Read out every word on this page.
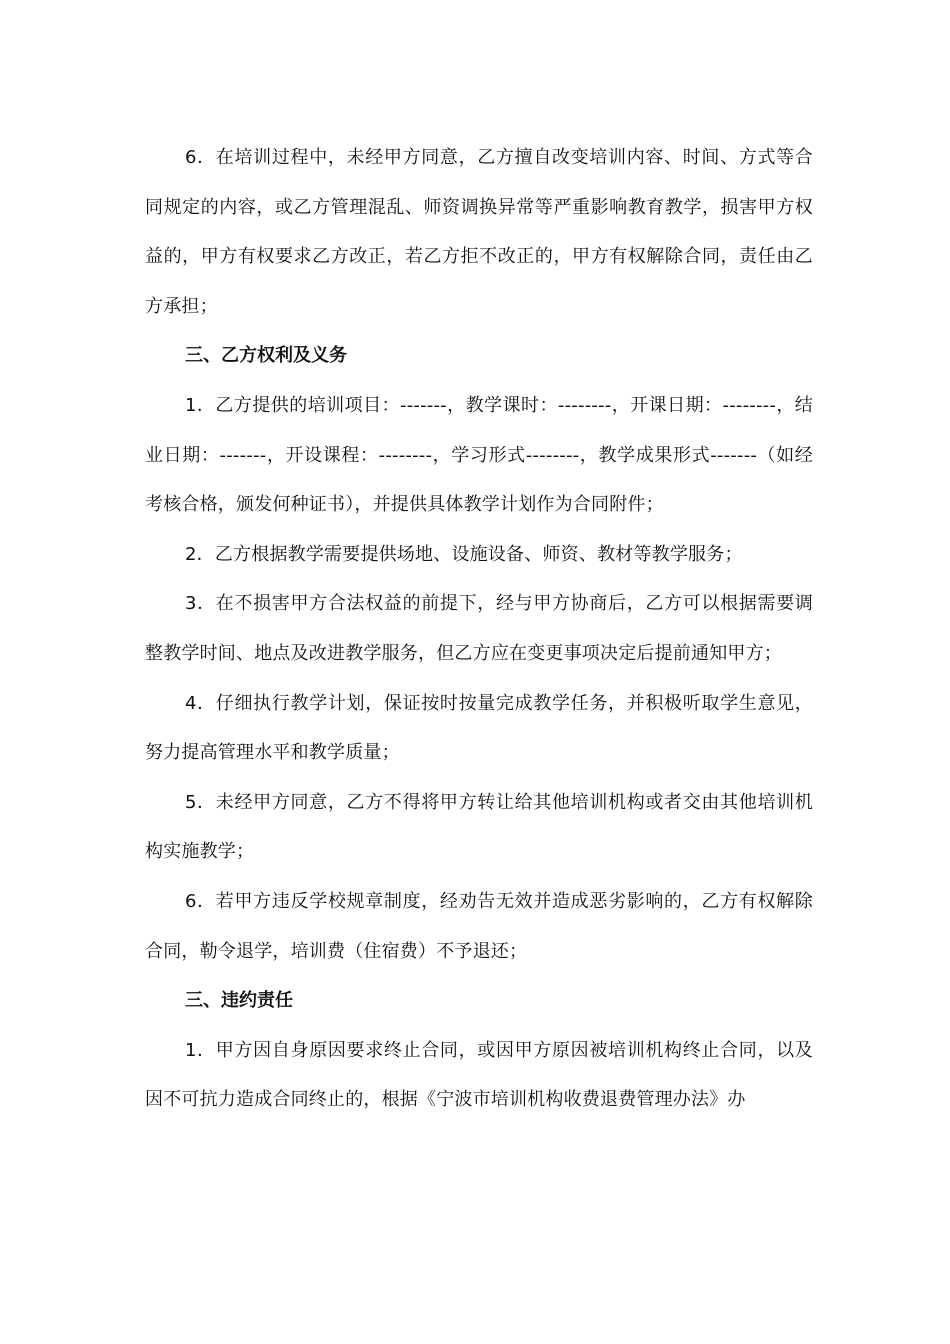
6．在培训过程中，未经甲方同意，乙方擅自改变培训内容、时间、方式等合同规定的内容，或乙方管理混乱、师资调换异常等严重影响教育教学，损害甲方权益的，甲方有权要求乙方改正，若乙方拒不改正的，甲方有权解除合同，责任由乙方承担；

三、乙方权利及义务

1．乙方提供的培训项目：-------，教学课时：--------，开课日期：--------，结业日期：-------，开设课程：--------，学习形式--------，教学成果形式-------（如经考核合格，颁发何种证书），并提供具体教学计划作为合同附件；

2．乙方根据教学需要提供场地、设施设备、师资、教材等教学服务；

3．在不损害甲方合法权益的前提下，经与甲方协商后，乙方可以根据需要调整教学时间、地点及改进教学服务，但乙方应在变更事项决定后提前通知甲方；

4．仔细执行教学计划，保证按时按量完成教学任务，并积极听取学生意见，努力提高管理水平和教学质量；

5．未经甲方同意，乙方不得将甲方转让给其他培训机构或者交由其他培训机构实施教学；

6．若甲方违反学校规章制度，经劝告无效并造成恶劣影响的，乙方有权解除合同，勒令退学，培训费（住宿费）不予退还；

三、违约责任

1．甲方因自身原因要求终止合同，或因甲方原因被培训机构终止合同，以及因不可抗力造成合同终止的，根据《宁波市培训机构收费退费管理办法》办
